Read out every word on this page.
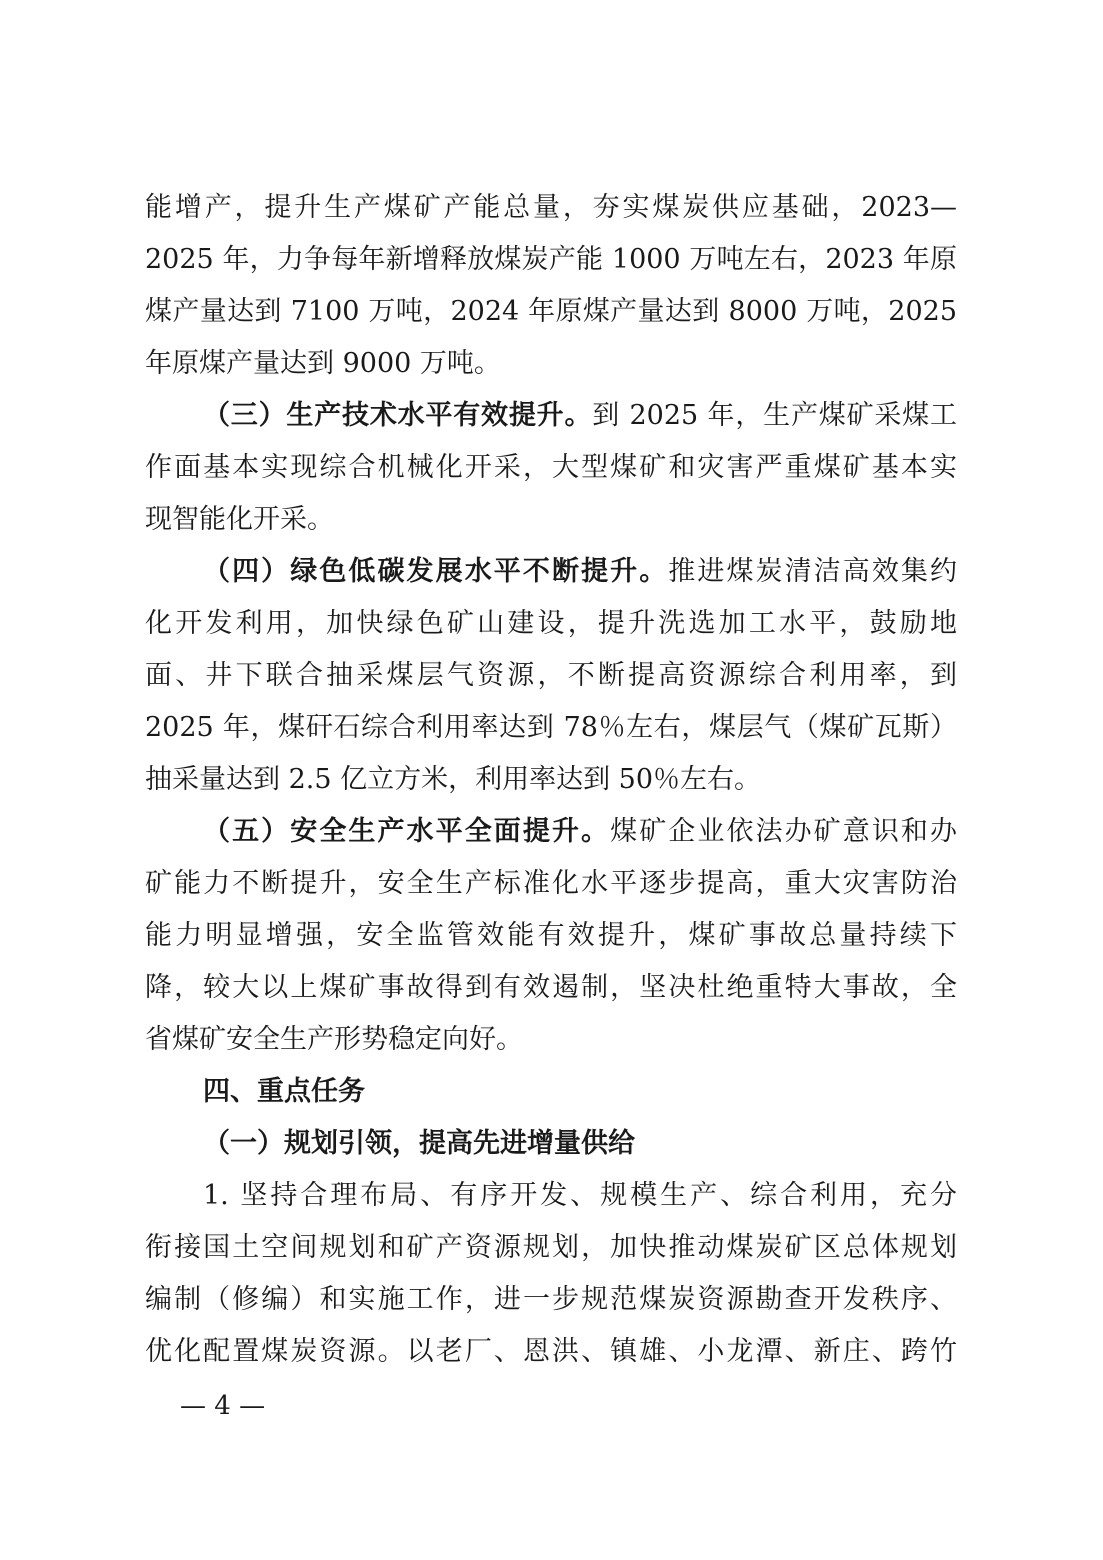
能增产，提升生产煤矿产能总量，夯实煤炭供应基础，2023—
2025 年，力争每年新增释放煤炭产能 1000 万吨左右，2023 年原
煤产量达到 7100 万吨，2024 年原煤产量达到 8000 万吨，2025
年原煤产量达到 9000 万吨。
（三）生产技术水平有效提升。到 2025 年，生产煤矿采煤工
作面基本实现综合机械化开采，大型煤矿和灾害严重煤矿基本实
现智能化开采。
（四）绿色低碳发展水平不断提升。推进煤炭清洁高效集约
化开发利用，加快绿色矿山建设，提升洗选加工水平，鼓励地
面、井下联合抽采煤层气资源，不断提高资源综合利用率，到
2025 年，煤矸石综合利用率达到 78％左右，煤层气（煤矿瓦斯）
抽采量达到 2.5 亿立方米，利用率达到 50％左右。
（五）安全生产水平全面提升。煤矿企业依法办矿意识和办
矿能力不断提升，安全生产标准化水平逐步提高，重大灾害防治
能力明显增强，安全监管效能有效提升，煤矿事故总量持续下
降，较大以上煤矿事故得到有效遏制，坚决杜绝重特大事故，全
省煤矿安全生产形势稳定向好。
四、重点任务
（一）规划引领，提高先进增量供给
1. 坚持合理布局、有序开发、规模生产、综合利用，充分
衔接国土空间规划和矿产资源规划，加快推动煤炭矿区总体规划
编制（修编）和实施工作，进一步规范煤炭资源勘查开发秩序、
优化配置煤炭资源。以老厂、恩洪、镇雄、小龙潭、新庄、跨竹
— 4 —
